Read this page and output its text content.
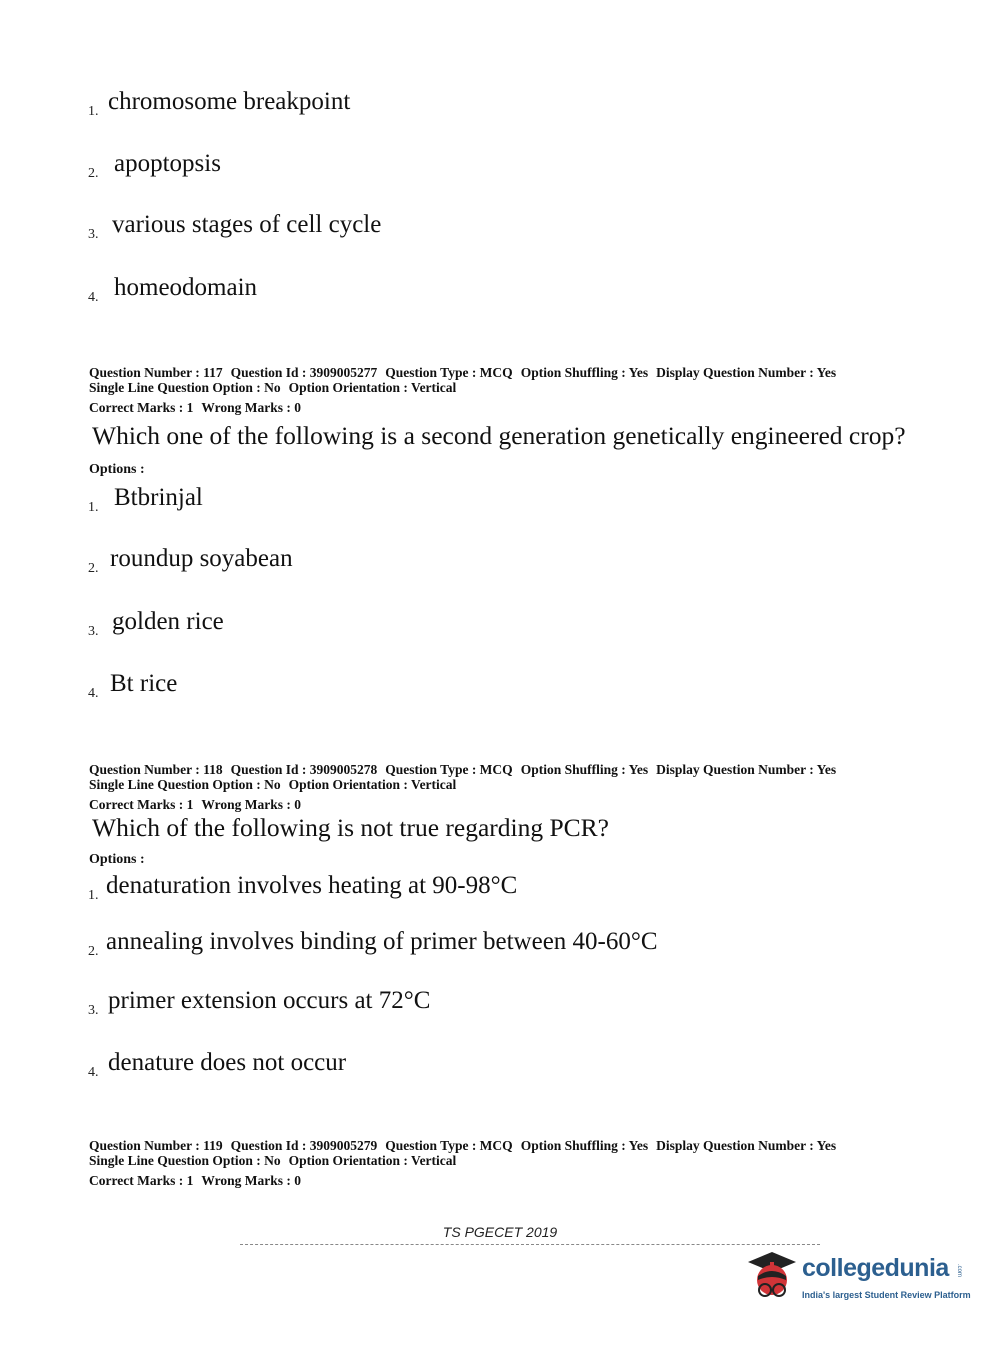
1. chromosome breakpoint
2. apoptopsis
3. various stages of cell cycle
4. homeodomain
Question Number : 117 Question Id : 3909005277 Question Type : MCQ Option Shuffling : Yes Display Question Number : Yes
Single Line Question Option : No Option Orientation : Vertical
Correct Marks : 1 Wrong Marks : 0
Which one of the following is a second generation genetically engineered crop?
Options :
1. Btbrinjal
2. roundup soyabean
3. golden rice
4. Bt rice
Question Number : 118 Question Id : 3909005278 Question Type : MCQ Option Shuffling : Yes Display Question Number : Yes
Single Line Question Option : No Option Orientation : Vertical
Correct Marks : 1 Wrong Marks : 0
Which of the following is not true regarding PCR?
Options :
1. denaturation involves heating at 90-98°C
2. annealing involves binding of primer between 40-60°C
3. primer extension occurs at 72°C
4. denature does not occur
Question Number : 119 Question Id : 3909005279 Question Type : MCQ Option Shuffling : Yes Display Question Number : Yes
Single Line Question Option : No Option Orientation : Vertical
Correct Marks : 1 Wrong Marks : 0
TS PGECET 2019
collegedunia .com
India's largest Student Review Platform
